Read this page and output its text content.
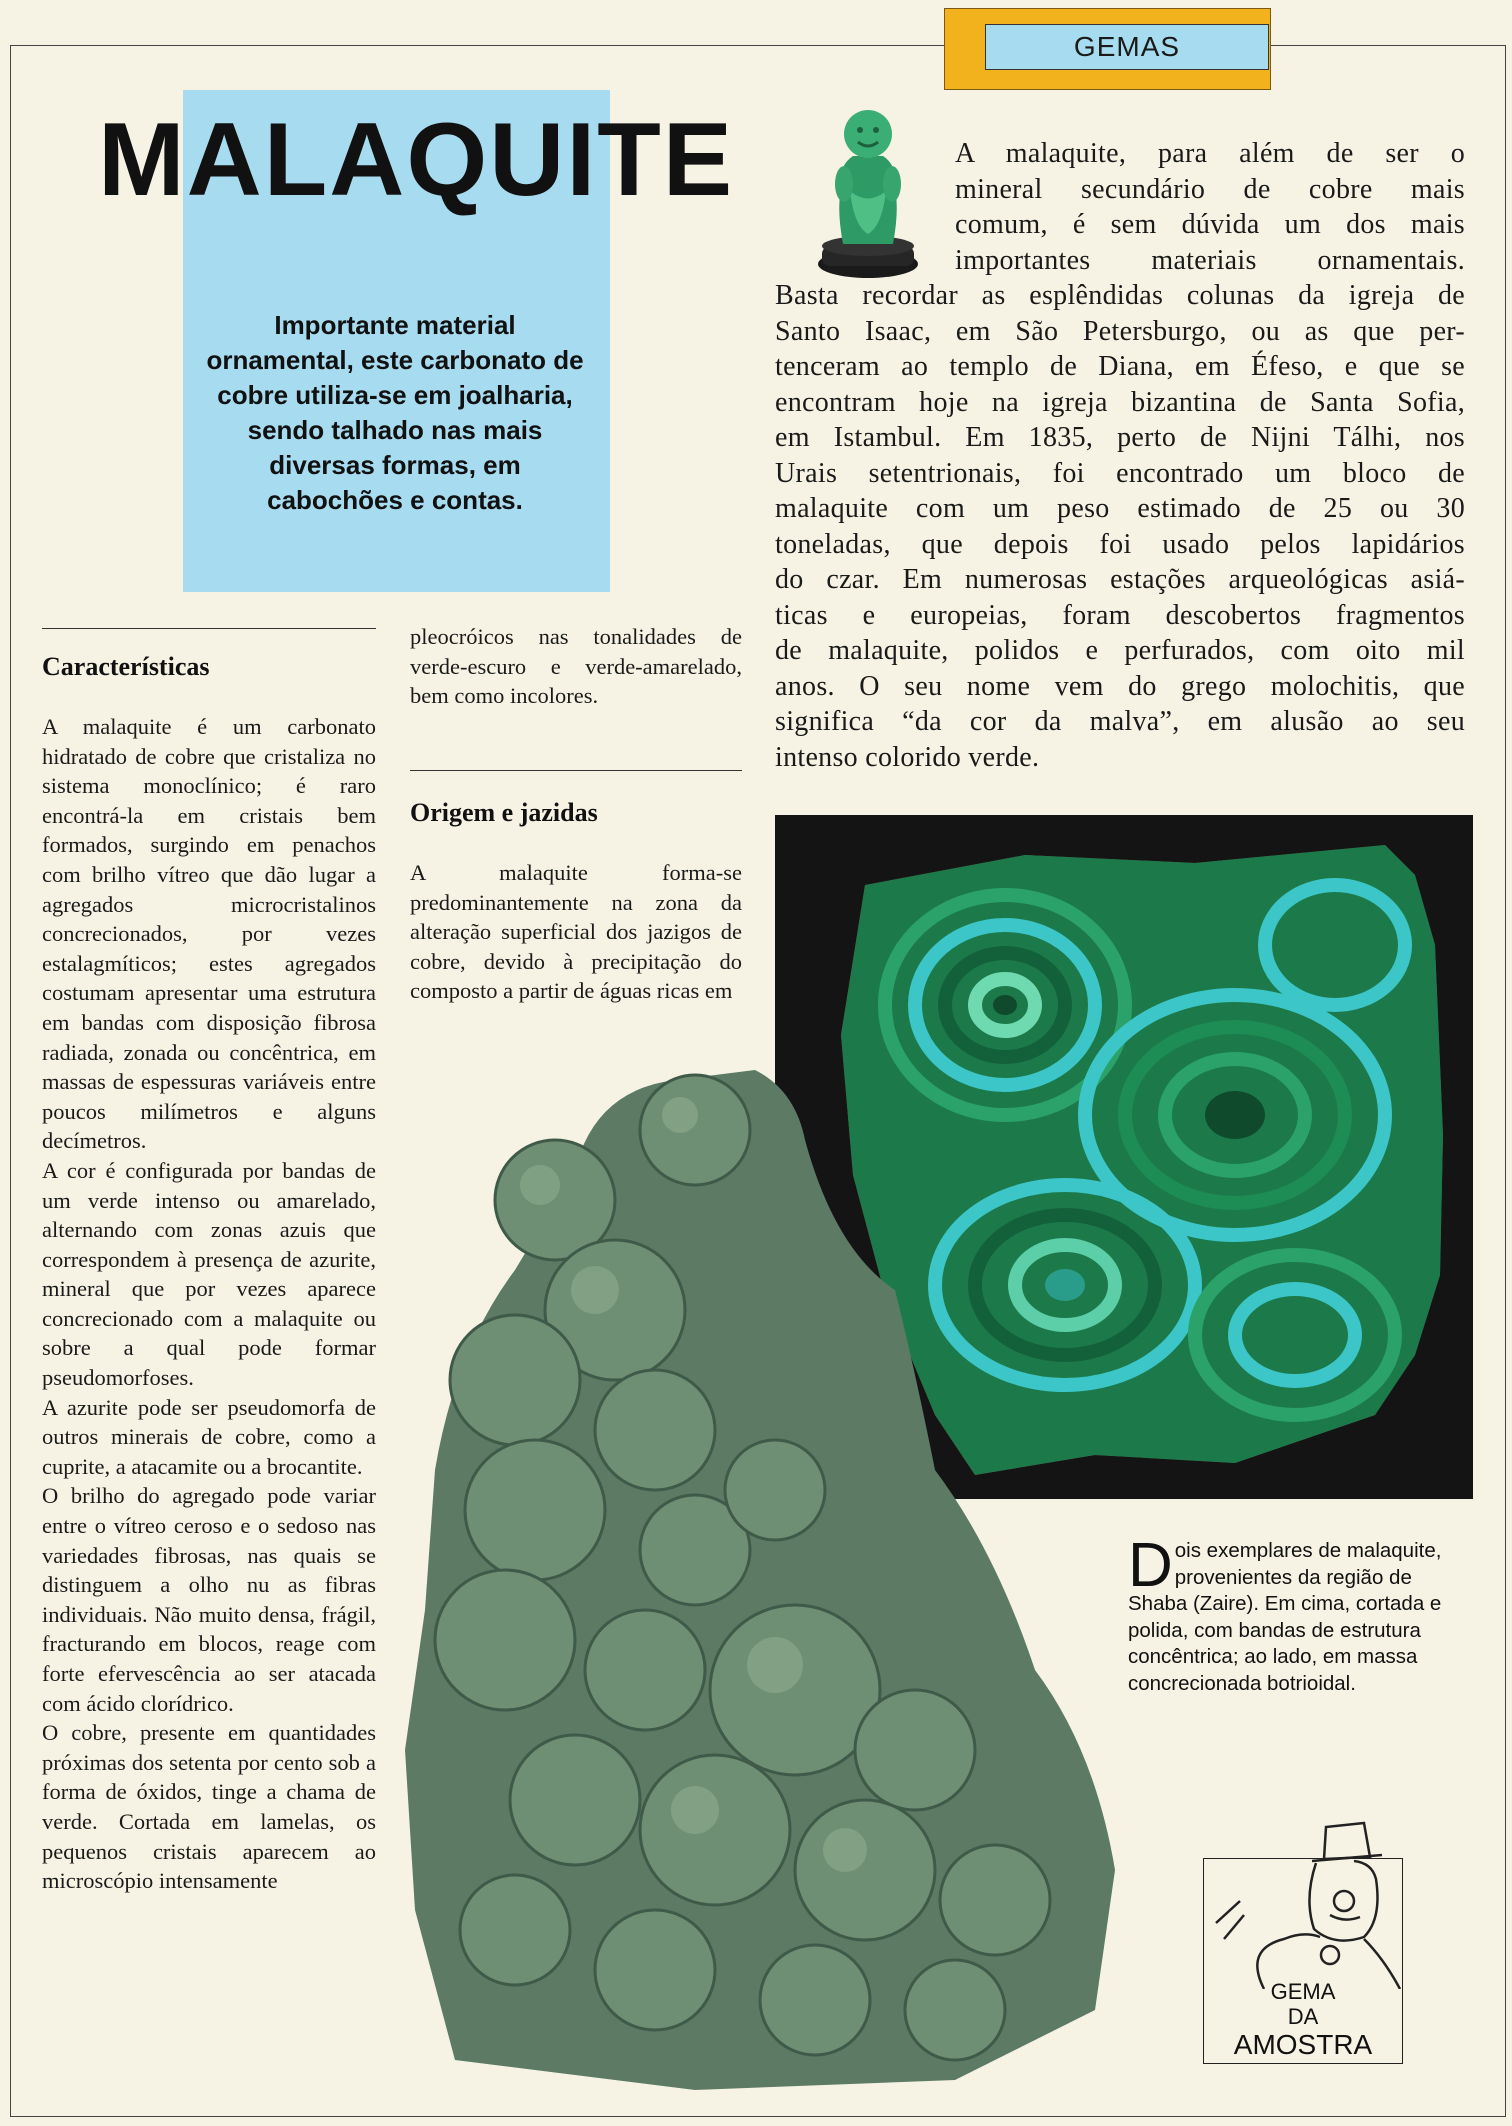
GEMAS
MALAQUITE

Importante material ornamental, este carbonato de cobre utiliza-se em joalharia, sendo talhado nas mais diversas formas, em cabochões e contas.

A malaquite, para além de ser o
mineral secundário de cobre mais
comum, é sem dúvida um dos mais
importantes materiais ornamentais.
Basta recordar as esplêndidas colunas da igreja de
Santo Isaac, em São Petersburgo, ou as que per-
tenceram ao templo de Diana, em Éfeso, e que se
encontram hoje na igreja bizantina de Santa Sofia,
em Istambul. Em 1835, perto de Nijni Tálhi, nos
Urais setentrionais, foi encontrado um bloco de
malaquite com um peso estimado de 25 ou 30
toneladas, que depois foi usado pelos lapidários
do czar. Em numerosas estações arqueológicas asiá-
ticas e europeias, foram descobertos fragmentos
de malaquite, polidos e perfurados, com oito mil
anos. O seu nome vem do grego molochitis, que
significa “da cor da malva”, em alusão ao seu
intenso colorido verde.
Características

A malaquite é um carbonato hidratado de cobre que cristaliza no sistema monoclínico; é raro encontrá-la em cristais bem formados, surgindo em penachos com brilho vítreo que dão lugar a agregados microcristalinos concrecionados, por vezes estalagmíticos; estes agregados costumam apresentar uma estrutura em bandas com disposição fibrosa radiada, zonada ou concêntrica, em massas de espessuras variáveis entre poucos milímetros e alguns decímetros.

A cor é configurada por bandas de um verde intenso ou amarelado, alternando com zonas azuis que correspondem à presença de azurite, mineral que por vezes aparece concrecionado com a malaquite ou sobre a qual pode formar pseudomorfoses.

A azurite pode ser pseudomorfa de outros minerais de cobre, como a cuprite, a atacamite ou a brocantite.

O brilho do agregado pode variar entre o vítreo ceroso e o sedoso nas variedades fibrosas, nas quais se distinguem a olho nu as fibras individuais. Não muito densa, frágil, fracturando em blocos, reage com forte efervescência ao ser atacada com ácido clorídrico.

O cobre, presente em quantidades próximas dos setenta por cento sob a forma de óxidos, tinge a chama de verde. Cortada em lamelas, os pequenos cristais aparecem ao microscópio intensamente

pleocróicos nas tonalidades de verde-escuro e verde-amarelado, bem como incolores.
Origem e jazidas
A malaquite forma-se predominantemente na zona da alteração superficial dos jazigos de cobre, devido à precipitação do composto a partir de águas ricas em

Dois exemplares de malaquite, provenientes da região de Shaba (Zaire). Em cima, cortada e polida, com bandas de estrutura concêntrica; ao lado, em massa concrecionada botrioidal.

GEMA
DA
AMOSTRA
